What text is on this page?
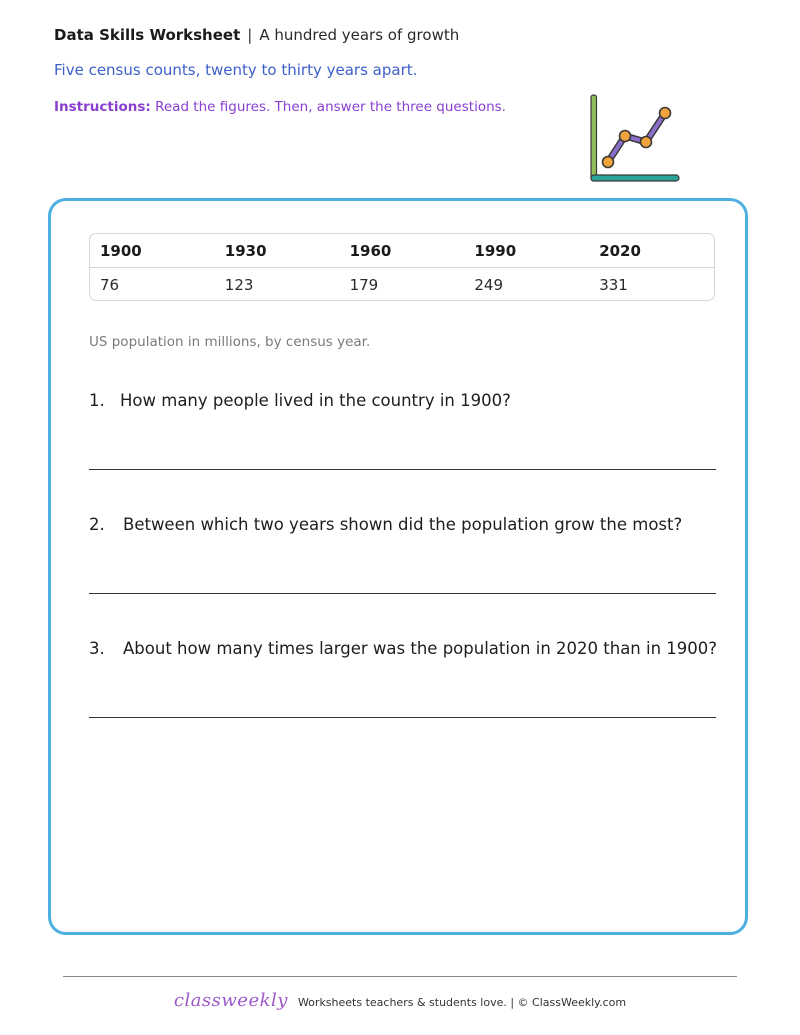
Data Skills Worksheet | A hundred years of growth
Five census counts, twenty to thirty years apart.
Instructions: Read the figures. Then, answer the three questions.
1900	1930	1960	1990	2020
76	123	179	249	331
US population in millions, by census year.
1. How many people lived in the country in 1900?
2. Between which two years shown did the population grow the most?
3. About how many times larger was the population in 2020 than in 1900?
classweekly Worksheets teachers & students love. | © ClassWeekly.com
